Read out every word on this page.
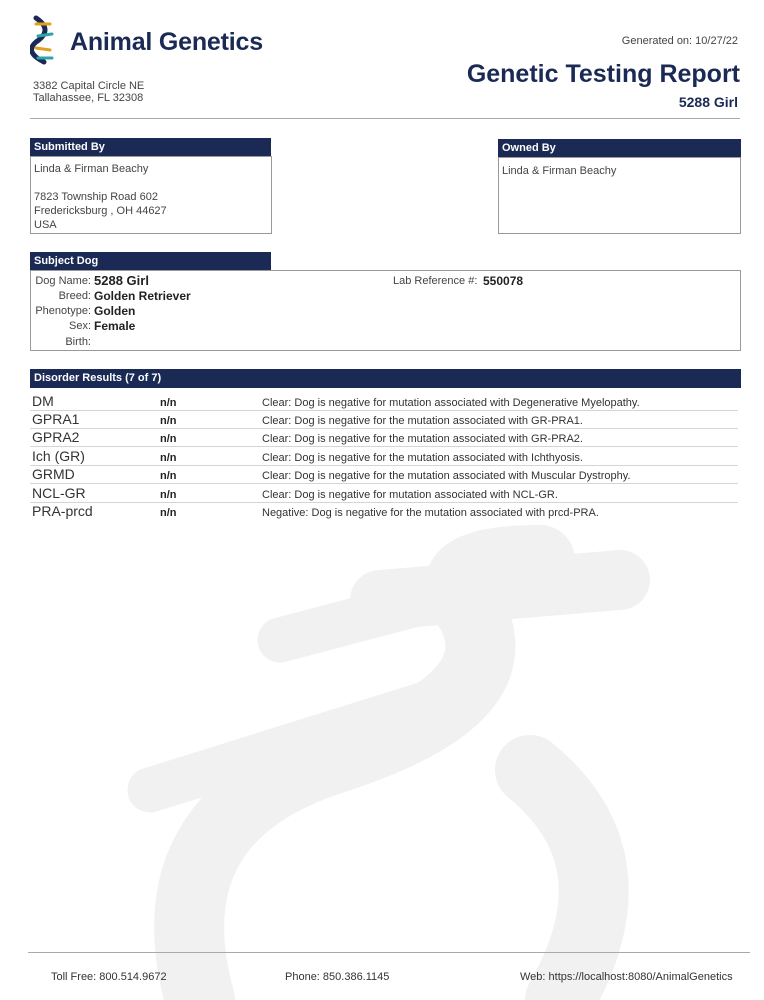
Animal Genetics
3382 Capital Circle NE
Tallahassee, FL 32308
Generated on: 10/27/22
Genetic Testing Report
5288 Girl
Submitted By
Linda & Firman Beachy
7823 Township Road 602
Fredericksburg , OH 44627
USA
Owned By
Linda & Firman Beachy
Subject Dog
Dog Name: 5288 Girl
Breed: Golden Retriever
Phenotype: Golden
Sex: Female
Birth:
Lab Reference #: 550078
Disorder Results (7 of 7)
DM	n/n	Clear: Dog is negative for mutation associated with Degenerative Myelopathy.
GPRA1	n/n	Clear: Dog is negative for the mutation associated with GR-PRA1.
GPRA2	n/n	Clear: Dog is negative for the mutation associated with GR-PRA2.
Ich (GR)	n/n	Clear: Dog is negative for the mutation associated with Ichthyosis.
GRMD	n/n	Clear: Dog is negative for the mutation associated with Muscular Dystrophy.
NCL-GR	n/n	Clear: Dog is negative for mutation associated with NCL-GR.
PRA-prcd	n/n	Negative: Dog is negative for the mutation associated with prcd-PRA.
Toll Free: 800.514.9672	Phone: 850.386.1145	Web: https://localhost:8080/AnimalGenetics
